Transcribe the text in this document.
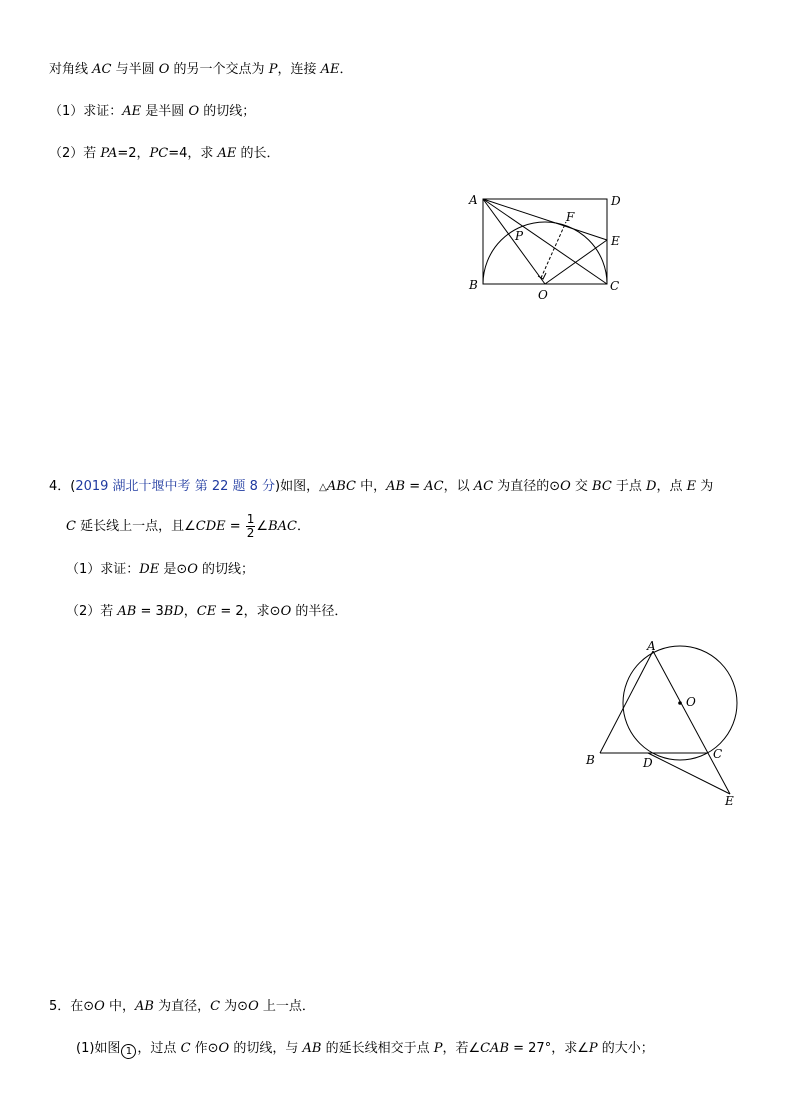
对角线 AC 与半圆 O 的另一个交点为 P，连接 AE．
（1）求证：AE 是半圆 O 的切线；
（2）若 PA=2，PC=4，求 AE 的长．
A	D
F
P	E
B
O
C
4．(2019 湖北十堰中考 第 22 题 8 分)如图，△ABC 中，AB = AC，以 AC 为直径的⊙O 交 BC 于点 D，点 E 为
C 延长线上一点，且∠CDE = $\frac{1}{2}$ ∠BAC．
（1）求证：DE 是⊙O 的切线；
（2）若 AB = 3BD，CE = 2，求⊙O 的半径．
A
O
B	D
C
E
5．在⊙O 中，AB 为直径，C 为⊙O 上一点．
(1)如图 1 ，过点 C 作⊙O 的切线，与 AB 的延长线相交于点 P，若∠CAB = 27°，求∠P 的大小；
